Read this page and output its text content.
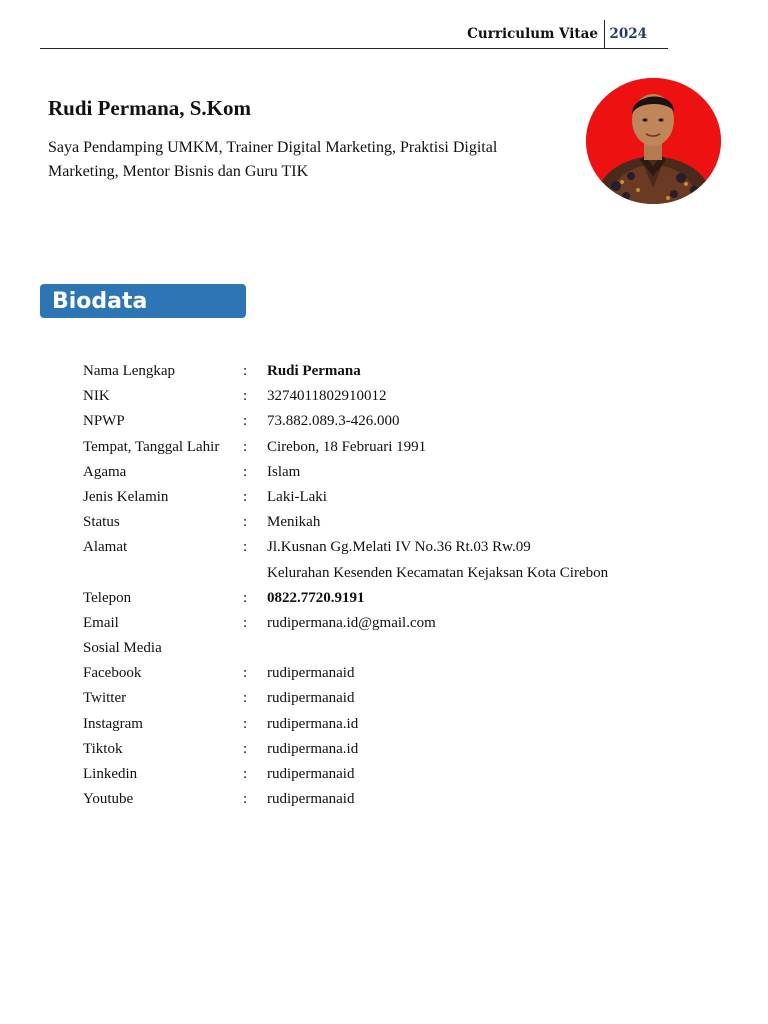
Curriculum Vitae 2024
Rudi Permana, S.Kom
Saya Pendamping UMKM, Trainer Digital Marketing, Praktisi Digital Marketing, Mentor Bisnis dan Guru TIK
Biodata
Nama Lengkap	: Rudi Permana
NIK	: 3274011802910012
NPWP	: 73.882.089.3-426.000
Tempat, Tanggal Lahir : Cirebon, 18 Februari 1991
Agama	: Islam
Jenis Kelamin	: Laki-Laki
Status	: Menikah
Alamat	: Jl.Kusnan Gg.Melati IV No.36 Rt.03 Rw.09
Kelurahan Kesenden Kecamatan Kejaksan Kota Cirebon
Telepon	: 0822.7720.9191
Email	: rudipermana.id@gmail.com
Sosial Media
Facebook	: rudipermanaid
Twitter	: rudipermanaid
Instagram	: rudipermana.id
Tiktok	: rudipermana.id
Linkedin	: rudipermanaid
Youtube	: rudipermanaid
